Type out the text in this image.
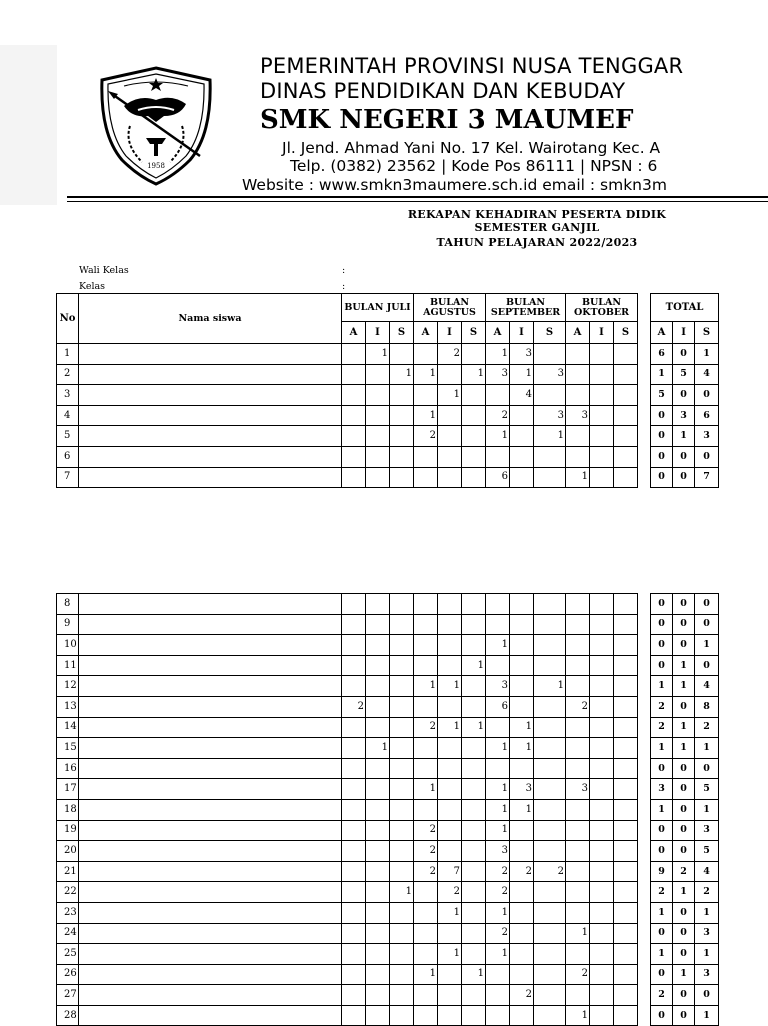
1958
PEMERINTAH PROVINSI NUSA TENGGAR
DINAS PENDIDIKAN DAN KEBUDAY
SMK NEGERI 3 MAUMEF
Jl. Jend. Ahmad Yani No. 17 Kel. Wairotang Kec. A
Telp. (0382) 23562 | Kode Pos 86111 | NPSN : 6
Website : www.smkn3maumere.sch.id email : smkn3m
REKAPAN KEHADIRAN PESERTA DIDIK
SEMESTER GANJIL
TAHUN PELAJARAN 2022/2023
Wali Kelas
Kelas
:
:
No	Nama siswa	BULAN JULI			BULAN AGUSTUS			BULAN SEPTEMBER			BULAN OKTOBER				TOTAL		
		A	I	S	A	I	S	A	I	S	A	I	S		A	I	S
1			1			2		1	3						6	0	1
2				1	1		1	3	1	3					1	5	4
3						1			4						5	0	0
4					1			2		3	3				0	3	6
5					2			1		1					0	1	3
6															0	0	0
7								6			1				0	0	7
8															0	0	0
9															0	0	0
10								1							0	0	1
11							1								0	1	0
12					1	1		3		1					1	1	4
13		2						6			2				2	0	8
14					2	1	1		1						2	1	2
15			1					1	1						1	1	1
16															0	0	0
17					1			1	3		3				3	0	5
18								1	1						1	0	1
19					2			1							0	0	3
20					2			3							0	0	5
21					2	7		2	2	2					9	2	4
22				1		2		2							2	1	2
23						1		1							1	0	1
24								2			1				0	0	3
25						1		1							1	0	1
26					1		1				2				0	1	3
27									2						2	0	0
28											1				0	0	1
